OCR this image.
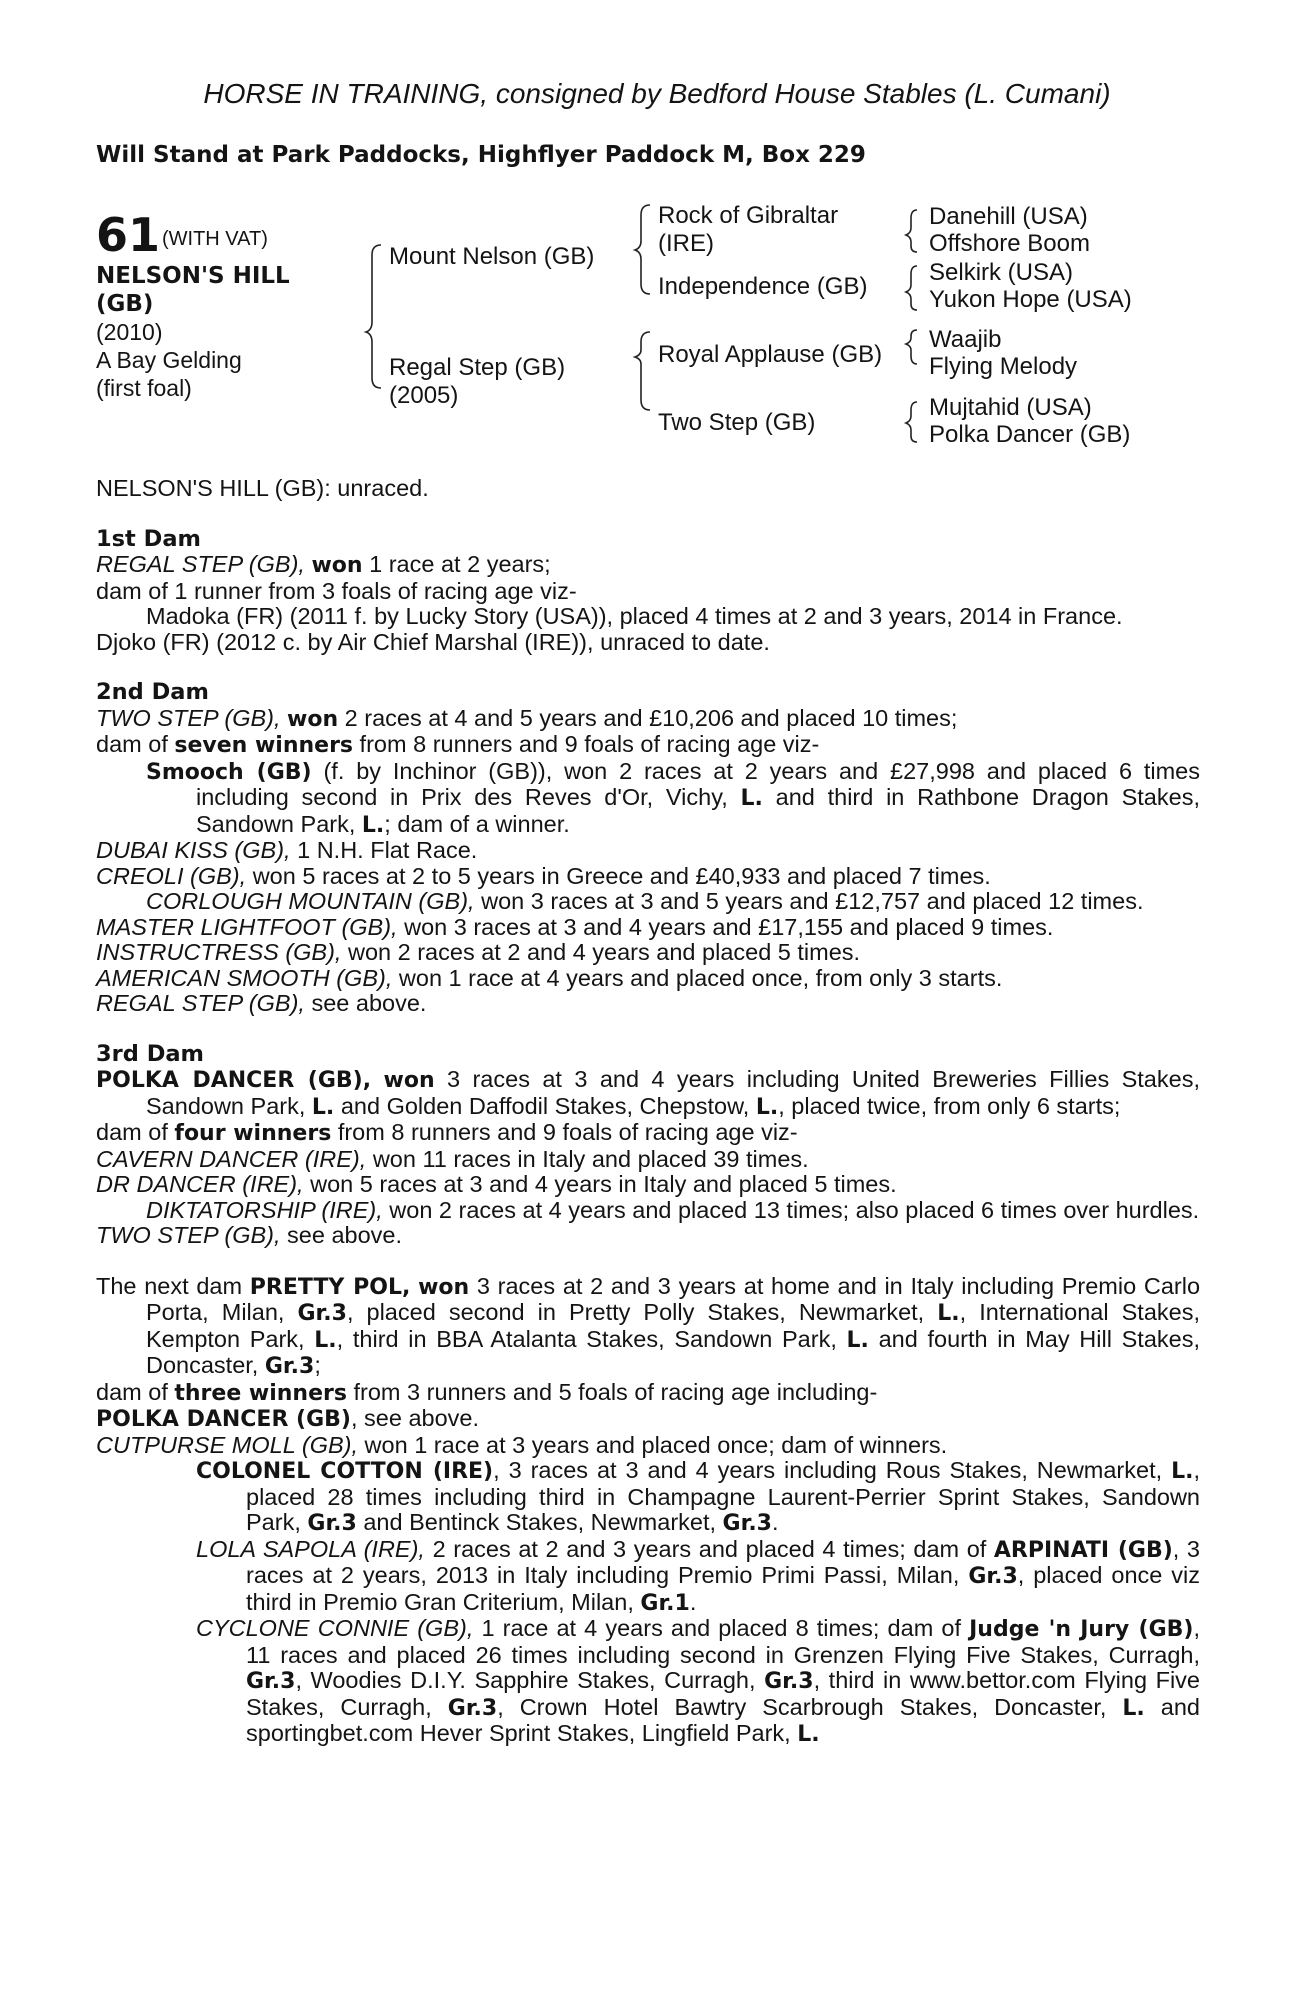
HORSE IN TRAINING, consigned by Bedford House Stables (L. Cumani)
Will Stand at Park Paddocks, Highflyer Paddock M, Box 229
61 (WITH VAT)
NELSON'S HILL
(GB)
(2010)
A Bay Gelding
(first foal)
Mount Nelson (GB)
Regal Step (GB)
(2005)
Rock of Gibraltar
(IRE)
Independence (GB)
Royal Applause (GB)
Two Step (GB)
Danehill (USA)
Offshore Boom
Selkirk (USA)
Yukon Hope (USA)
Waajib
Flying Melody
Mujtahid (USA)
Polka Dancer (GB)

NELSON'S HILL (GB): unraced.

1st Dam

REGAL STEP (GB), won 1 race at 2 years;

dam of 1 runner from 3 foals of racing age viz-

Madoka (FR) (2011 f. by Lucky Story (USA)), placed 4 times at 2 and 3 years, 2014 in France.

Djoko (FR) (2012 c. by Air Chief Marshal (IRE)), unraced to date.

2nd Dam

TWO STEP (GB), won 2 races at 4 and 5 years and £10,206 and placed 10 times;

dam of seven winners from 8 runners and 9 foals of racing age viz-

Smooch (GB) (f. by Inchinor (GB)), won 2 races at 2 years and £27,998 and placed 6 times including second in Prix des Reves d'Or, Vichy, L. and third in Rathbone Dragon Stakes, Sandown Park, L.; dam of a winner.

DUBAI KISS (GB), 1 N.H. Flat Race.

CREOLI (GB), won 5 races at 2 to 5 years in Greece and £40,933 and placed 7 times.

CORLOUGH MOUNTAIN (GB), won 3 races at 3 and 5 years and £12,757 and placed 12 times.

MASTER LIGHTFOOT (GB), won 3 races at 3 and 4 years and £17,155 and placed 9 times.

INSTRUCTRESS (GB), won 2 races at 2 and 4 years and placed 5 times.

AMERICAN SMOOTH (GB), won 1 race at 4 years and placed once, from only 3 starts.

REGAL STEP (GB), see above.

3rd Dam

POLKA DANCER (GB), won 3 races at 3 and 4 years including United Breweries Fillies Stakes, Sandown Park, L. and Golden Daffodil Stakes, Chepstow, L., placed twice, from only 6 starts;

dam of four winners from 8 runners and 9 foals of racing age viz-

CAVERN DANCER (IRE), won 11 races in Italy and placed 39 times.

DR DANCER (IRE), won 5 races at 3 and 4 years in Italy and placed 5 times.

DIKTATORSHIP (IRE), won 2 races at 4 years and placed 13 times; also placed 6 times over hurdles.

TWO STEP (GB), see above.

The next dam PRETTY POL, won 3 races at 2 and 3 years at home and in Italy including Premio Carlo Porta, Milan, Gr.3, placed second in Pretty Polly Stakes, Newmarket, L., International Stakes, Kempton Park, L., third in BBA Atalanta Stakes, Sandown Park, L. and fourth in May Hill Stakes, Doncaster, Gr.3;

dam of three winners from 3 runners and 5 foals of racing age including-

POLKA DANCER (GB), see above.

CUTPURSE MOLL (GB), won 1 race at 3 years and placed once; dam of winners.

COLONEL COTTON (IRE), 3 races at 3 and 4 years including Rous Stakes, Newmarket, L., placed 28 times including third in Champagne Laurent-Perrier Sprint Stakes, Sandown Park, Gr.3 and Bentinck Stakes, Newmarket, Gr.3.

LOLA SAPOLA (IRE), 2 races at 2 and 3 years and placed 4 times; dam of ARPINATI (GB), 3 races at 2 years, 2013 in Italy including Premio Primi Passi, Milan, Gr.3, placed once viz third in Premio Gran Criterium, Milan, Gr.1.

CYCLONE CONNIE (GB), 1 race at 4 years and placed 8 times; dam of Judge 'n Jury (GB), 11 races and placed 26 times including second in Grenzen Flying Five Stakes, Curragh, Gr.3, Woodies D.I.Y. Sapphire Stakes, Curragh, Gr.3, third in www.bettor.com Flying Five Stakes, Curragh, Gr.3, Crown Hotel Bawtry Scarbrough Stakes, Doncaster, L. and sportingbet.com Hever Sprint Stakes, Lingfield Park, L.
